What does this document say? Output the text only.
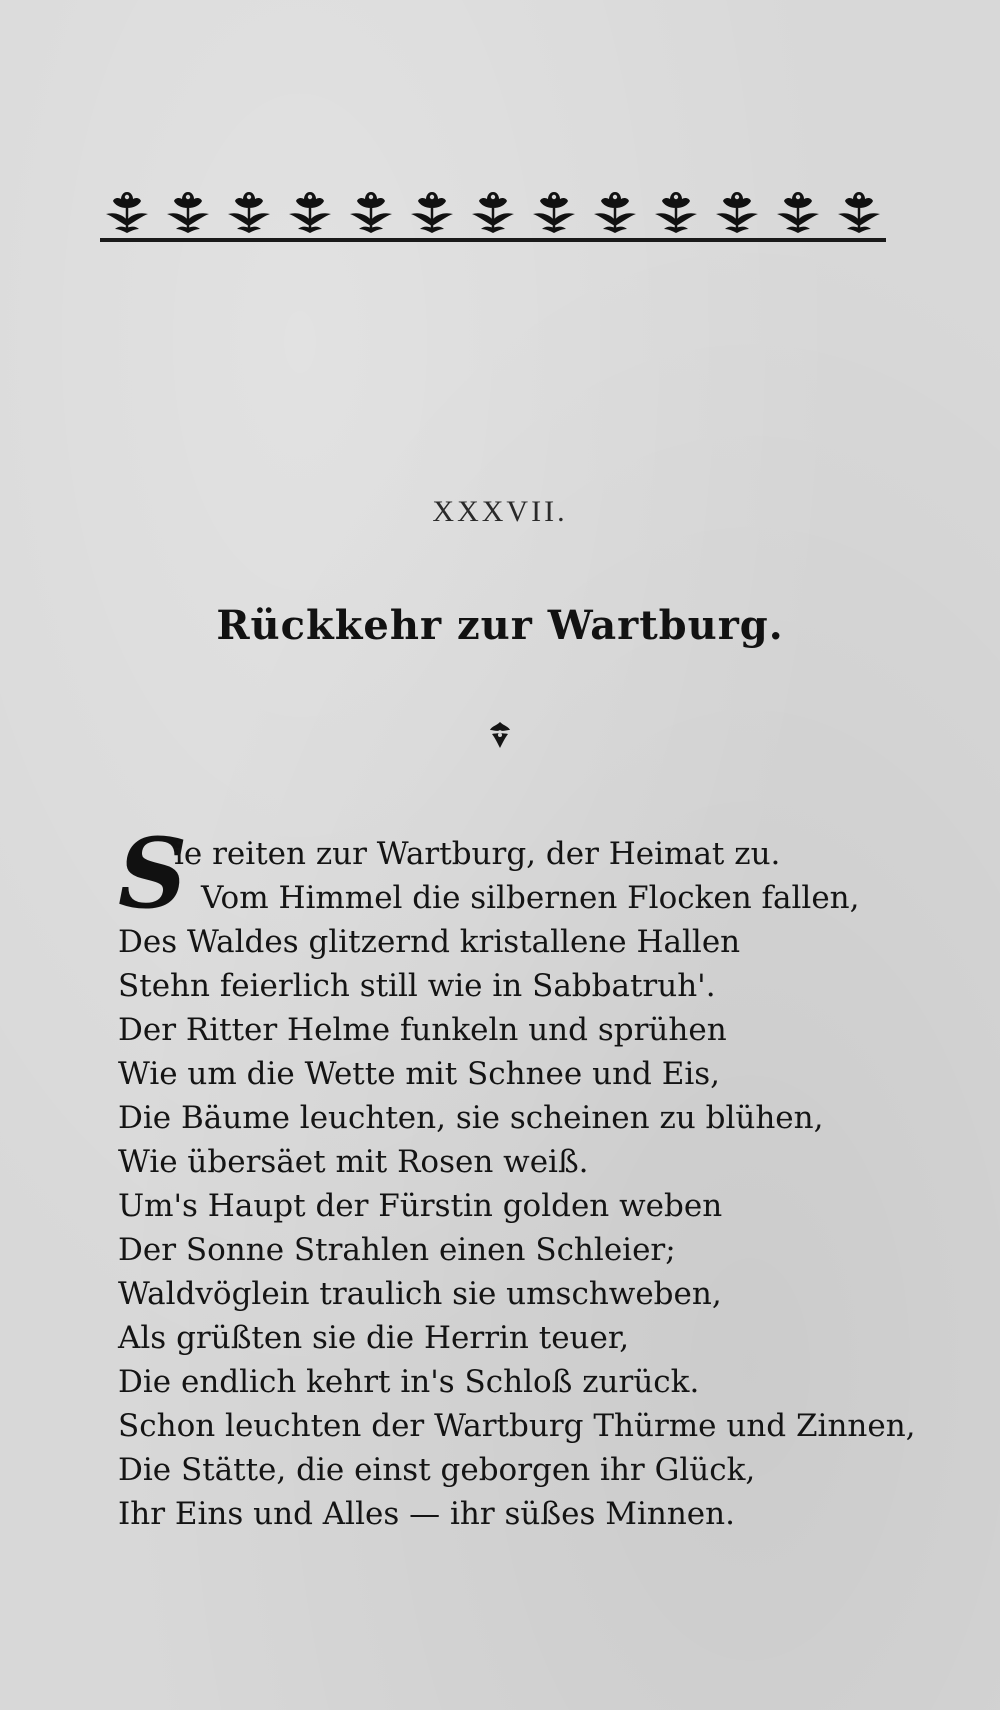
XXXVII.
Rückkehr zur Wartburg.
S
ie reiten zur Wartburg, der Heimat zu.
Vom Himmel die silbernen Flocken fallen,
Des Waldes glitzernd kristallene Hallen
Stehn feierlich still wie in Sabbatruh'.
Der Ritter Helme funkeln und sprühen
Wie um die Wette mit Schnee und Eis,
Die Bäume leuchten, sie scheinen zu blühen,
Wie übersäet mit Rosen weiß.
Um's Haupt der Fürstin golden weben
Der Sonne Strahlen einen Schleier;
Waldvöglein traulich sie umschweben,
Als grüßten sie die Herrin teuer,
Die endlich kehrt in's Schloß zurück.
Schon leuchten der Wartburg Thürme und Zinnen,
Die Stätte, die einst geborgen ihr Glück,
Ihr Eins und Alles — ihr süßes Minnen.
